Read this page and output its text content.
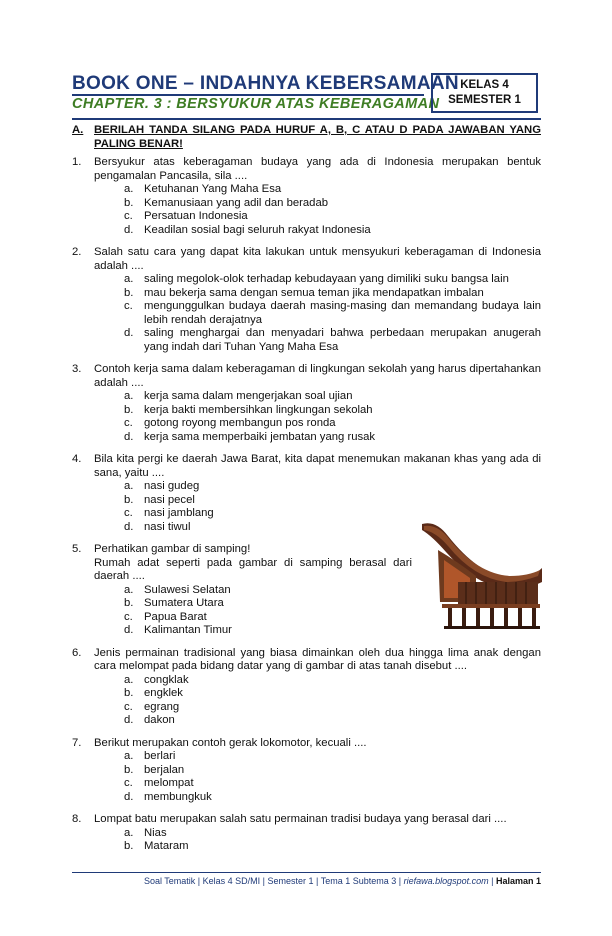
BOOK ONE – INDAHNYA KEBERSAMAAN
CHAPTER. 3 : BERSYUKUR ATAS KEBERAGAMAN
KELAS 4
SEMESTER 1
A. BERILAH TANDA SILANG PADA HURUF A, B, C ATAU D PADA JAWABAN YANG PALING BENAR!
1.	Bersyukur atas keberagaman budaya yang ada di Indonesia merupakan bentuk pengamalan Pancasila, sila ....
a. Ketuhanan Yang Maha Esa
b. Kemanusiaan yang adil dan beradab
c. Persatuan Indonesia
d. Keadilan sosial bagi seluruh rakyat Indonesia
2.	Salah satu cara yang dapat kita lakukan untuk mensyukuri keberagaman di Indonesia adalah ....
a. saling megolok-olok terhadap kebudayaan yang dimiliki suku bangsa lain
b. mau bekerja sama dengan semua teman jika mendapatkan imbalan
c. mengunggulkan budaya daerah masing-masing dan memandang budaya lain lebih rendah derajatnya
d. saling menghargai dan menyadari bahwa perbedaan merupakan anugerah yang indah dari Tuhan Yang Maha Esa
3.	Contoh kerja sama dalam keberagaman di lingkungan sekolah yang harus dipertahankan adalah ....
a. kerja sama dalam mengerjakan soal ujian
b. kerja bakti membersihkan lingkungan sekolah
c. gotong royong membangun pos ronda
d. kerja sama memperbaiki jembatan yang rusak
4.	Bila kita pergi ke daerah Jawa Barat, kita dapat menemukan makanan khas yang ada di sana, yaitu ....
a. nasi gudeg
b. nasi pecel
c. nasi jamblang
d. nasi tiwul
5.	Perhatikan gambar di samping!
Rumah adat seperti pada gambar di samping berasal dari daerah ....
a. Sulawesi Selatan
b. Sumatera Utara
c. Papua Barat
d. Kalimantan Timur
6.	Jenis permainan tradisional yang biasa dimainkan oleh dua hingga lima anak dengan cara melompat pada bidang datar yang di gambar di atas tanah disebut ....
a. congklak
b. engklek
c. egrang
d. dakon
7.	Berikut merupakan contoh gerak lokomotor, kecuali ....
a. berlari
b. berjalan
c. melompat
d. membungkuk
8.	Lompat batu merupakan salah satu permainan tradisi budaya yang berasal dari ....
a. Nias
b. Mataram
Soal Tematik | Kelas 4 SD/MI | Semester 1 | Tema 1 Subtema 3 | riefawa.blogspot.com | Halaman 1
